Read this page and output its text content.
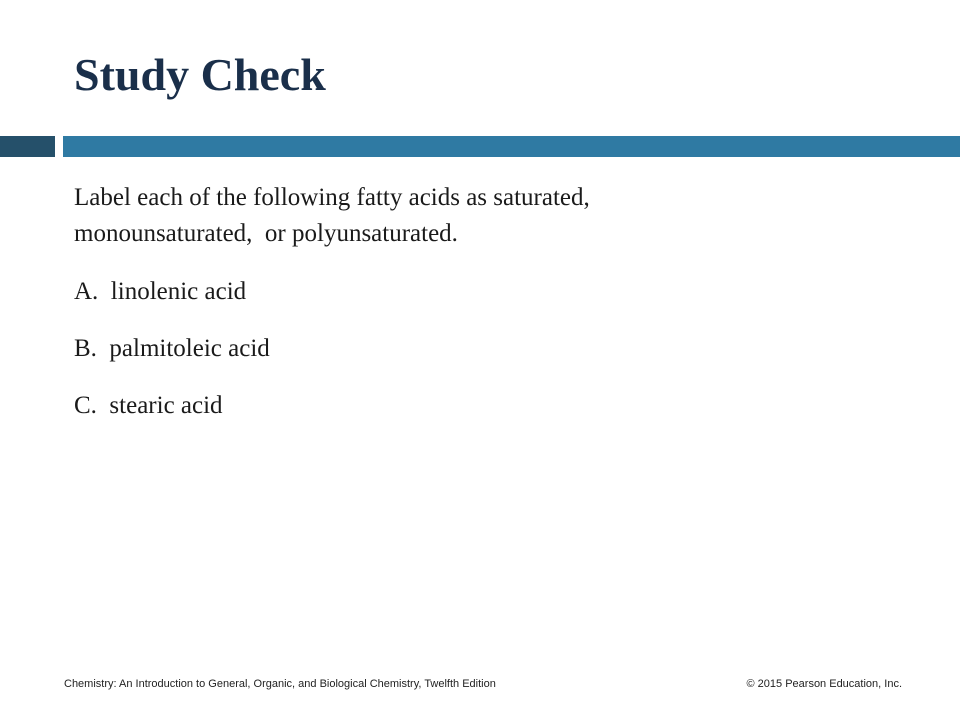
Study Check
Label each of the following fatty acids as saturated,
monounsaturated,  or polyunsaturated.
A.  linolenic acid
B.  palmitoleic acid
C.  stearic acid
Chemistry: An Introduction to General, Organic, and Biological Chemistry, Twelfth Edition	© 2015 Pearson Education, Inc.
